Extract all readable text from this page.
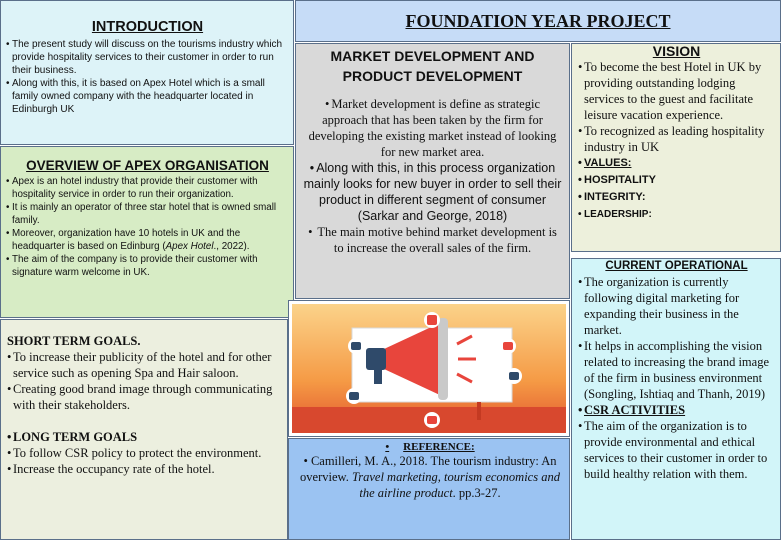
FOUNDATION YEAR PROJECT
INTRODUCTION
• The present study will discuss on the tourisms industry which provide hospitality services to their customer in order to run their business.
• Along with this, it is based on Apex Hotel which is a small family owned company with the headquarter located in Edinburgh UK
OVERVIEW OF APEX ORGANISATION
• Apex is an hotel industry that provide their customer with hospitality service in order to run their organization.
• It is mainly an operator of three star hotel that is owned small family.
• Moreover, organization have 10 hotels in UK and the headquarter is based on Edinburg (Apex Hotel., 2022).
• The aim of the company is to provide their customer with signature warm welcome in UK.
SHORT TERM GOALS.
• To increase their publicity of the hotel and for other service such as opening Spa and Hair saloon.
• Creating good brand image through communicating with their stakeholders.
• LONG TERM GOALS
• To follow CSR policy to protect the environment.
• Increase the occupancy rate of the hotel.
MARKET DEVELOPMENT AND PRODUCT DEVELOPMENT
• Market development is define as strategic approach that has been taken by the firm for developing the existing market instead of looking for new market area.
• Along with this, in this process organization mainly looks for new buyer in order to sell their product in different segment of consumer (Sarkar and George, 2018)
• The main motive behind market development is to increase the overall sales of the firm.
VISION
• To become the best Hotel in UK by providing outstanding lodging services to the guest and facilitate leisure vacation experience.
• To recognized as leading hospitality industry in UK
• VALUES:
• HOSPITALITY
• INTEGRITY:
• LEADERSHIP:
• REFERENCE:
• Camilleri, M. A., 2018. The tourism industry: An overview. Travel marketing, tourism economics and the airline product. pp.3-27.
CURRENT OPERATIONAL
• The organization is currently following digital marketing for expanding their business in the market.
• It helps in accomplishing the vision related to increasing the brand image of the firm in business environment (Songling, Ishtiaq and Thanh, 2019)
• CSR ACTIVITIES
• The aim of the organization is to provide environmental and ethical services to their customer in order to build healthy relation with them.
